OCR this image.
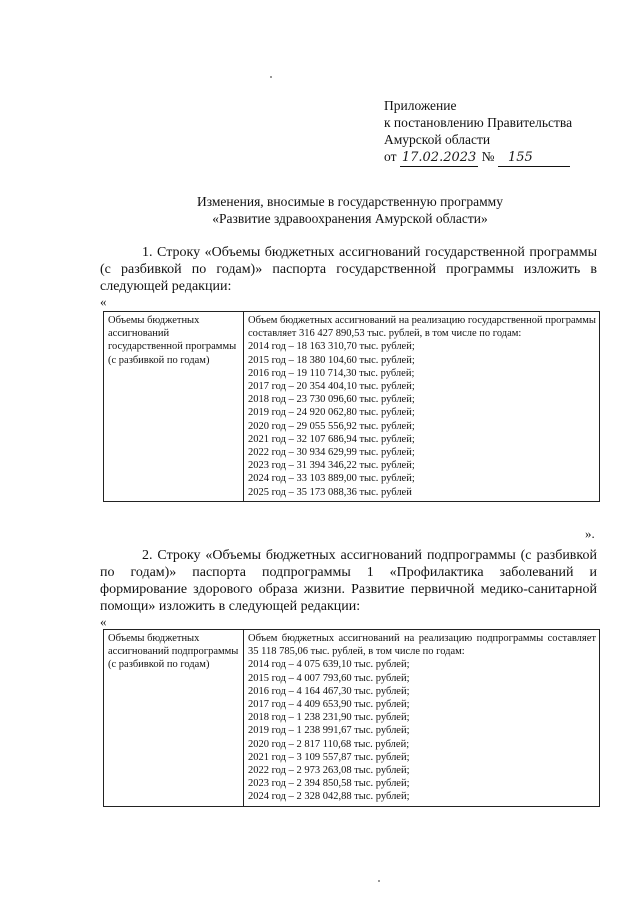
Приложение
к постановлению Правительства
Амурской области
от 17.02.2023 № 155
Изменения, вносимые в государственную программу
«Развитие здравоохранения Амурской области»
1. Строку «Объемы бюджетных ассигнований государственной программы (с разбивкой по годам)» паспорта государственной программы изложить в следующей редакции:
«
Объемы бюджетных ассигнований государственной программы (с разбивкой по годам)	Объем бюджетных ассигнований на реализацию государственной программы составляет 316 427 890,53 тыс. рублей, в том числе по годам:
2014 год – 18 163 310,70 тыс. рублей;
2015 год – 18 380 104,60 тыс. рублей;
2016 год – 19 110 714,30 тыс. рублей;
2017 год – 20 354 404,10 тыс. рублей;
2018 год – 23 730 096,60 тыс. рублей;
2019 год – 24 920 062,80 тыс. рублей;
2020 год – 29 055 556,92 тыс. рублей;
2021 год – 32 107 686,94 тыс. рублей;
2022 год – 30 934 629,99 тыс. рублей;
2023 год – 31 394 346,22 тыс. рублей;
2024 год – 33 103 889,00 тыс. рублей;
2025 год – 35 173 088,36 тыс. рублей
».
2. Строку «Объемы бюджетных ассигнований подпрограммы (с разбивкой по годам)» паспорта подпрограммы 1 «Профилактика заболеваний и формирование здорового образа жизни. Развитие первичной медико-санитарной помощи» изложить в следующей редакции:
«
Объемы бюджетных ассигнований подпрограммы (с разбивкой по годам)	Объем бюджетных ассигнований на реализацию подпрограммы составляет 35 118 785,06 тыс. рублей, в том числе по годам:
2014 год – 4 075 639,10 тыс. рублей;
2015 год – 4 007 793,60 тыс. рублей;
2016 год – 4 164 467,30 тыс. рублей;
2017 год – 4 409 653,90 тыс. рублей;
2018 год – 1 238 231,90 тыс. рублей;
2019 год – 1 238 991,67 тыс. рублей;
2020 год – 2 817 110,68 тыс. рублей;
2021 год – 3 109 557,87 тыс. рублей;
2022 год – 2 973 263,08 тыс. рублей;
2023 год – 2 394 850,58 тыс. рублей;
2024 год – 2 328 042,88 тыс. рублей;
